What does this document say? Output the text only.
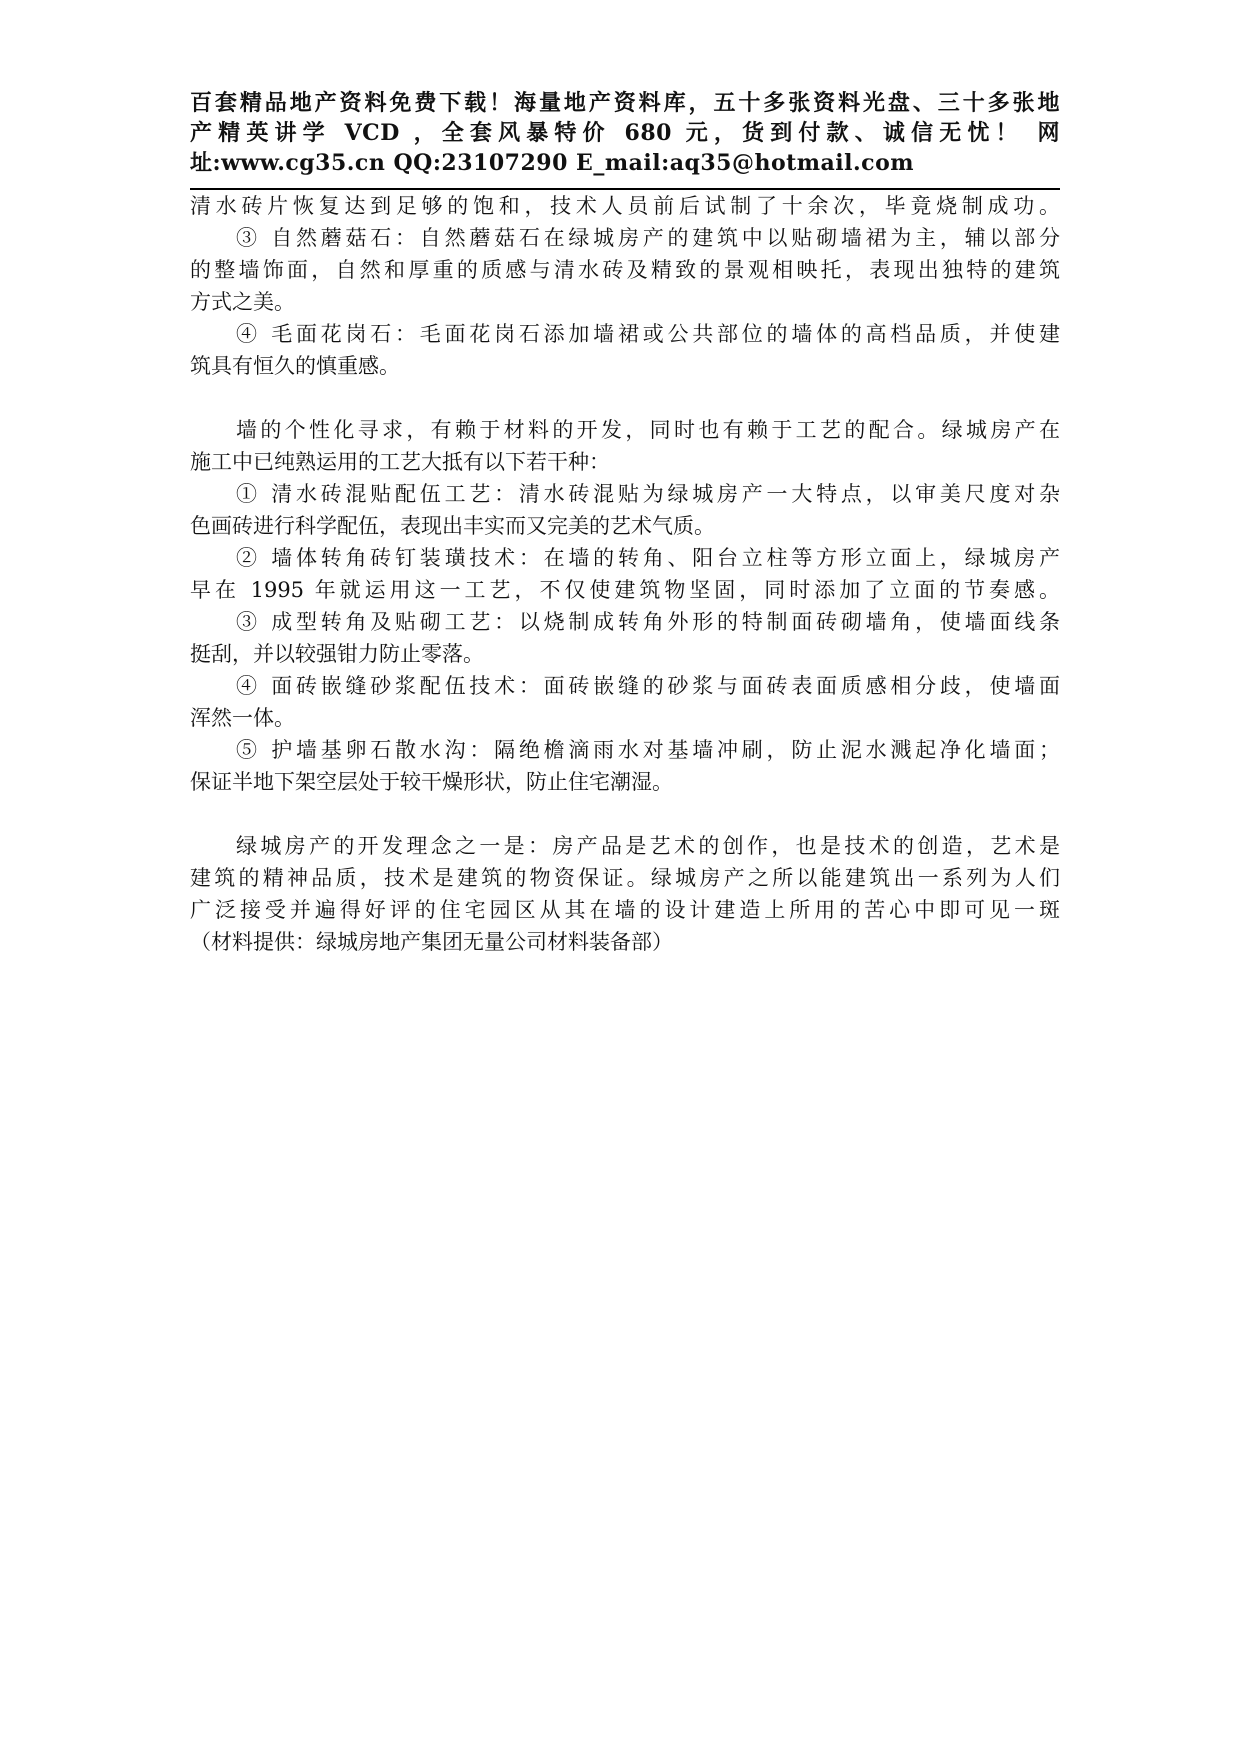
百套精品地产资料免费下载！海量地产资料库，五十多张资料光盘、三十多张地
产精英讲学 VCD ，全套风暴特价 680 元，货到付款、诚信无忧！ 网
址:www.cg35.cn QQ:23107290 E_mail:aq35@hotmail.com
清水砖片恢复达到足够的饱和，技术人员前后试制了十余次，毕竟烧制成功。
③ 自然蘑菇石：自然蘑菇石在绿城房产的建筑中以贴砌墙裙为主，辅以部分
的整墙饰面，自然和厚重的质感与清水砖及精致的景观相映托，表现出独特的建筑
方式之美。
④ 毛面花岗石：毛面花岗石添加墙裙或公共部位的墙体的高档品质，并使建
筑具有恒久的慎重感。
墙的个性化寻求，有赖于材料的开发，同时也有赖于工艺的配合。绿城房产在
施工中已纯熟运用的工艺大抵有以下若干种：
① 清水砖混贴配伍工艺：清水砖混贴为绿城房产一大特点，以审美尺度对杂
色画砖进行科学配伍，表现出丰实而又完美的艺术气质。
② 墙体转角砖钉装璜技术：在墙的转角、阳台立柱等方形立面上，绿城房产
早在 1995 年就运用这一工艺，不仅使建筑物坚固，同时添加了立面的节奏感。
③ 成型转角及贴砌工艺：以烧制成转角外形的特制面砖砌墙角，使墙面线条
挺刮，并以较强钳力防止零落。
④ 面砖嵌缝砂浆配伍技术：面砖嵌缝的砂浆与面砖表面质感相分歧，使墙面
浑然一体。
⑤ 护墙基卵石散水沟：隔绝檐滴雨水对基墙冲刷，防止泥水溅起净化墙面；
保证半地下架空层处于较干燥形状，防止住宅潮湿。
绿城房产的开发理念之一是：房产品是艺术的创作，也是技术的创造，艺术是
建筑的精神品质，技术是建筑的物资保证。绿城房产之所以能建筑出一系列为人们
广泛接受并遍得好评的住宅园区从其在墙的设计建造上所用的苦心中即可见一斑
（材料提供：绿城房地产集团无量公司材料装备部）
